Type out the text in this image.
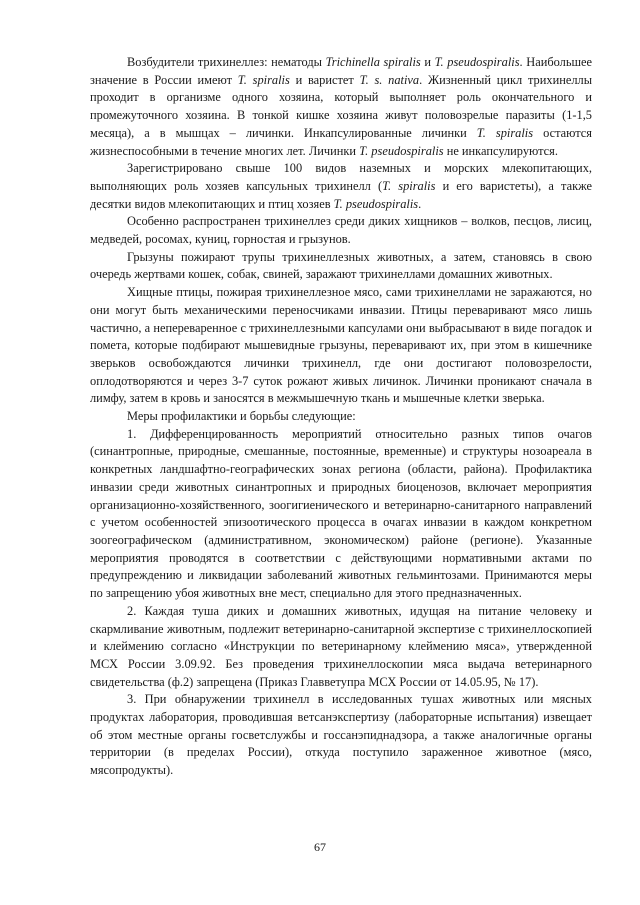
Возбудители трихинеллез: нематоды Trichinella spiralis и T. pseudospiralis. Наибольшее значение в России имеют T. spiralis и варистет T. s. nativa. Жизненный цикл трихинеллы проходит в организме одного хозяина, который выполняет роль окончательного и промежуточного хозяина. В тонкой кишке хозяина живут половозрелые паразиты (1-1,5 месяца), а в мышцах – личинки. Инкапсулированные личинки T. spiralis остаются жизнеспособными в течение многих лет. Личинки T. pseudospiralis не инкапсулируются.

Зарегистрировано свыше 100 видов наземных и морских млекопитающих, выполняющих роль хозяев капсульных трихинелл (T. spiralis и его варистеты), а также десятки видов млекопитающих и птиц хозяев T. pseudospiralis.

Особенно распространен трихинеллез среди диких хищников – волков, песцов, лисиц, медведей, росомах, куниц, горностая и грызунов.

Грызуны пожирают трупы трихинеллезных животных, а затем, становясь в свою очередь жертвами кошек, собак, свиней, заражают трихинеллами домашних животных.

Хищные птицы, пожирая трихинеллезное мясо, сами трихинеллами не заражаются, но они могут быть механическими переносчиками инвазии. Птицы переваривают мясо лишь частично, а непереваренное с трихинеллезными капсулами они выбрасывают в виде погадок и помета, которые подбирают мышевидные грызуны, переваривают их, при этом в кишечнике зверьков освобождаются личинки трихинелл, где они достигают половозрелости, оплодотворяются и через 3-7 суток рожают живых личинок. Личинки проникают сначала в лимфу, затем в кровь и заносятся в межмышечную ткань и мышечные клетки зверька.

Меры профилактики и борьбы следующие:

1. Дифференцированность мероприятий относительно разных типов очагов (синантропные, природные, смешанные, постоянные, временные) и структуры нозоареала в конкретных ландшафтно-географических зонах региона (области, района). Профилактика инвазии среди животных синантропных и природных биоценозов, включает мероприятия организационно-хозяйственного, зоогигиенического и ветеринарно-санитарного направлений с учетом особенностей эпизоотического процесса в очагах инвазии в каждом конкретном зоогеографическом (административном, экономическом) районе (регионе). Указанные мероприятия проводятся в соответствии с действующими нормативными актами по предупреждению и ликвидации заболеваний животных гельминтозами. Принимаются меры по запрещению убоя животных вне мест, специально для этого предназначенных.

2. Каждая туша диких и домашних животных, идущая на питание человеку и скармливание животным, подлежит ветеринарно-санитарной экспертизе с трихинеллоскопией и клеймению согласно «Инструкции по ветеринарному клеймению мяса», утвержденной МСХ России 3.09.92. Без проведения трихинеллоскопии мяса выдача ветеринарного свидетельства (ф.2) запрещена (Приказ Главветупра МСХ России от 14.05.95, № 17).

3. При обнаружении трихинелл в исследованных тушах животных или мясных продуктах лаборатория, проводившая ветсанэкспертизу (лабораторные испытания) извещает об этом местные органы госветслужбы и госсанэпиднадзора, а также аналогичные органы территории (в пределах России), откуда поступило зараженное животное (мясо, мясопродукты).

67
